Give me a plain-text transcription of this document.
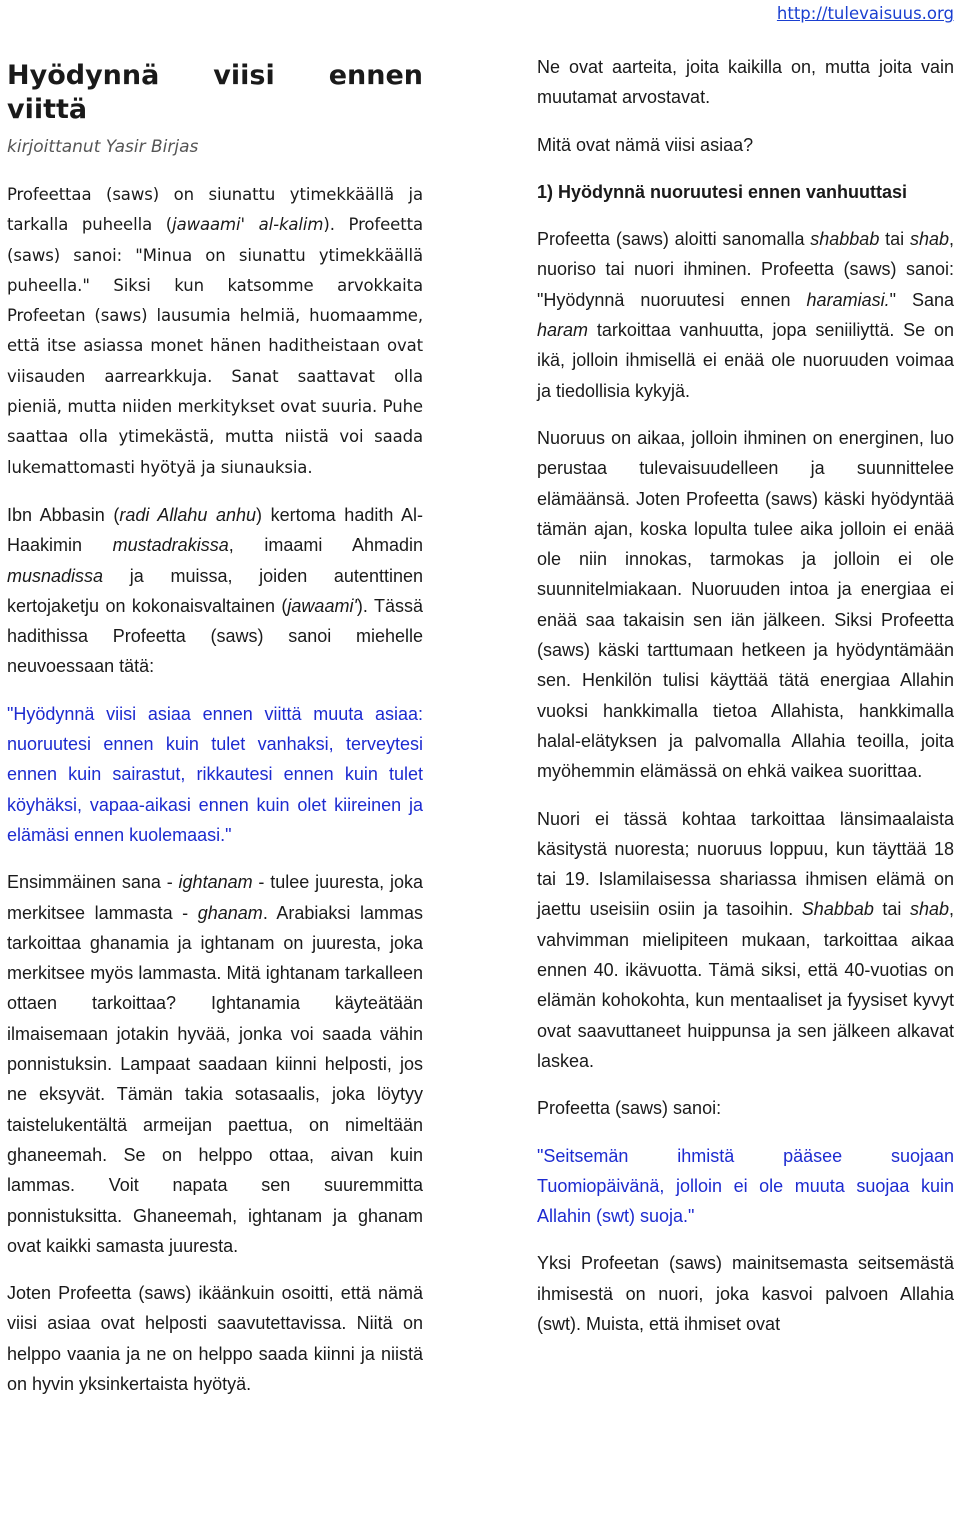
http://tulevaisuus.org
Hyödynnä viisi ennen viittä
kirjoittanut Yasir Birjas

Profeettaa (saws) on siunattu ytimekkäällä ja tarkalla puheella (jawaami' al-kalim). Profeetta (saws) sanoi: "Minua on siunattu ytimekkäällä puheella." Siksi kun katsomme arvokkaita Profeetan (saws) lausumia helmiä, huomaamme, että itse asiassa monet hänen haditheistaan ovat viisauden aarrearkkuja. Sanat saattavat olla pieniä, mutta niiden merkitykset ovat suuria. Puhe saattaa olla ytimekästä, mutta niistä voi saada lukemattomasti hyötyä ja siunauksia.

Ibn Abbasin (radi Allahu anhu) kertoma hadith Al-Haakimin mustadrakissa, imaami Ahmadin musnadissa ja muissa, joiden autenttinen kertojaketju on kokonaisvaltainen (jawaami'). Tässä hadithissa Profeetta (saws) sanoi miehelle neuvoessaan tätä:

"Hyödynnä viisi asiaa ennen viittä muuta asiaa: nuoruutesi ennen kuin tulet vanhaksi, terveytesi ennen kuin sairastut, rikkautesi ennen kuin tulet köyhäksi, vapaa-aikasi ennen kuin olet kiireinen ja elämäsi ennen kuolemaasi."

Ensimmäinen sana - ightanam - tulee juuresta, joka merkitsee lammasta - ghanam. Arabiaksi lammas tarkoittaa ghanamia ja ightanam on juuresta, joka merkitsee myös lammasta. Mitä ightanam tarkalleen ottaen tarkoittaa? Ightanamia käyteätään ilmaisemaan jotakin hyvää, jonka voi saada vähin ponnistuksin. Lampaat saadaan kiinni helposti, jos ne eksyvät. Tämän takia sotasaalis, joka löytyy taistelukentältä armeijan paettua, on nimeltään ghaneemah. Se on helppo ottaa, aivan kuin lammas. Voit napata sen suuremmitta ponnistuksitta. Ghaneemah, ightanam ja ghanam ovat kaikki samasta juuresta.

Joten Profeetta (saws) ikäänkuin osoitti, että nämä viisi asiaa ovat helposti saavutettavissa. Niitä on helppo vaania ja ne on helppo saada kiinni ja niistä on hyvin yksinkertaista hyötyä.

Ne ovat aarteita, joita kaikilla on, mutta joita vain muutamat arvostavat.

Mitä ovat nämä viisi asiaa?

1) Hyödynnä nuoruutesi ennen vanhuuttasi

Profeetta (saws) aloitti sanomalla shabbab tai shab, nuoriso tai nuori ihminen. Profeetta (saws) sanoi: "Hyödynnä nuoruutesi ennen haramiasi." Sana haram tarkoittaa vanhuutta, jopa seniiliyttä. Se on ikä, jolloin ihmisellä ei enää ole nuoruuden voimaa ja tiedollisia kykyjä.

Nuoruus on aikaa, jolloin ihminen on energinen, luo perustaa tulevaisuudelleen ja suunnittelee elämäänsä. Joten Profeetta (saws) käski hyödyntää tämän ajan, koska lopulta tulee aika jolloin ei enää ole niin innokas, tarmokas ja jolloin ei ole suunnitelmiakaan. Nuoruuden intoa ja energiaa ei enää saa takaisin sen iän jälkeen. Siksi Profeetta (saws) käski tarttumaan hetkeen ja hyödyntämään sen. Henkilön tulisi käyttää tätä energiaa Allahin vuoksi hankkimalla tietoa Allahista, hankkimalla halal-elätyksen ja palvomalla Allahia teoilla, joita myöhemmin elämässä on ehkä vaikea suorittaa.

Nuori ei tässä kohtaa tarkoittaa länsimaalaista käsitystä nuoresta; nuoruus loppuu, kun täyttää 18 tai 19. Islamilaisessa shariassa ihmisen elämä on jaettu useisiin osiin ja tasoihin. Shabbab tai shab, vahvimman mielipiteen mukaan, tarkoittaa aikaa ennen 40. ikävuotta. Tämä siksi, että 40-vuotias on elämän kohokohta, kun mentaaliset ja fyysiset kyvyt ovat saavuttaneet huippunsa ja sen jälkeen alkavat laskea.

Profeetta (saws) sanoi:

"Seitsemän ihmistä pääsee suojaan Tuomiopäivänä, jolloin ei ole muuta suojaa kuin Allahin (swt) suoja."

Yksi Profeetan (saws) mainitsemasta seitsemästä ihmisestä on nuori, joka kasvoi palvoen Allahia (swt). Muista, että ihmiset ovat
